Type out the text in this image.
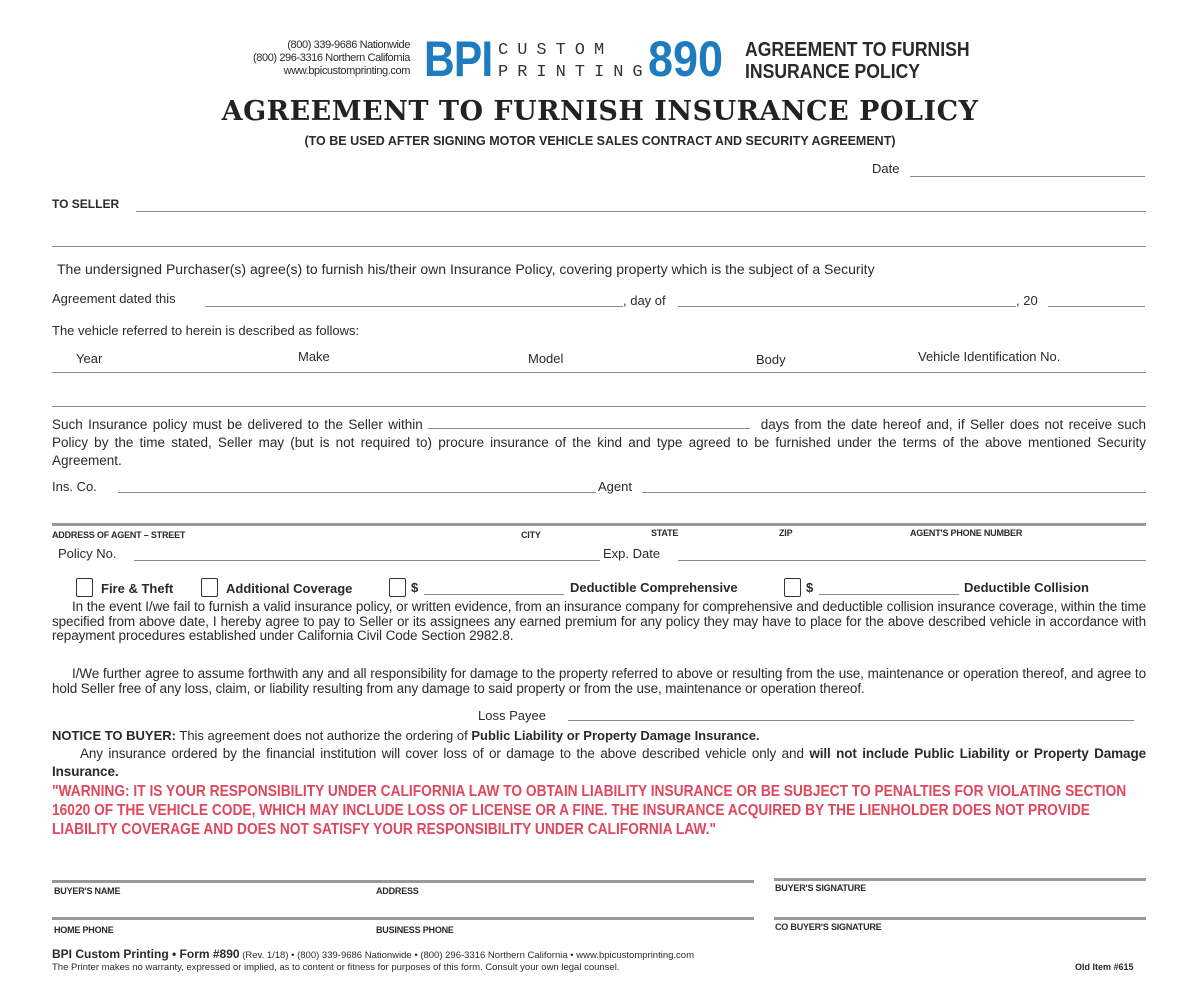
(800) 339-9686 Nationwide
(800) 296-3316 Northern California
www.bpicustomprinting.com BPI CUSTOM
PRINTING
890 AGREEMENT TO FURNISH
INSURANCE POLICY
AGREEMENT TO FURNISH INSURANCE POLICY
(TO BE USED AFTER SIGNING MOTOR VEHICLE SALES CONTRACT AND SECURITY AGREEMENT)
Date
TO SELLER
The undersigned Purchaser(s) agree(s) to furnish his/their own Insurance Policy, covering property which is the subject of a Security
Agreement dated this	, day of	, 20
The vehicle referred to herein is described as follows:
Year	Make	Model	Body	Vehicle Identification No.
Such Insurance policy must be delivered to the Seller within	days from the date hereof and, if Seller does not receive such Policy by the time stated, Seller may (but is not required to) procure insurance of the kind and type agreed to be furnished under the terms of the above mentioned Security Agreement.
Ins. Co.	Agent
ADDRESS OF AGENT – STREET	CITY	STATE	ZIP	AGENT'S PHONE NUMBER
Policy No.	Exp. Date
Fire & Theft	Additional Coverage	$	Deductible Comprehensive	$	Deductible Collision
In the event I/we fail to furnish a valid insurance policy, or written evidence, from an insurance company for comprehensive and deductible collision insurance coverage, within the time specified from above date, I hereby agree to pay to Seller or its assignees any earned premium for any policy they may have to place for the above described vehicle in accordance with repayment procedures established under California Civil Code Section 2982.8.
I/We further agree to assume forthwith any and all responsibility for damage to the property referred to above or resulting from the use, maintenance or operation thereof, and agree to hold Seller free of any loss, claim, or liability resulting from any damage to said property or from the use, maintenance or operation thereof.
Loss Payee
NOTICE TO BUYER: This agreement does not authorize the ordering of Public Liability or Property Damage Insurance.
Any insurance ordered by the financial institution will cover loss of or damage to the above described vehicle only and will not include Public Liability or Property Damage Insurance.
"WARNING: IT IS YOUR RESPONSIBILITY UNDER CALIFORNIA LAW TO OBTAIN LIABILITY INSURANCE OR BE SUBJECT TO PENALTIES FOR VIOLATING SECTION 16020 OF THE VEHICLE CODE, WHICH MAY INCLUDE LOSS OF LICENSE OR A FINE. THE INSURANCE ACQUIRED BY THE LIENHOLDER DOES NOT PROVIDE LIABILITY COVERAGE AND DOES NOT SATISFY YOUR RESPONSIBILITY UNDER CALIFORNIA LAW."
BUYER'S NAME	ADDRESS	BUYER'S SIGNATURE
HOME PHONE	BUSINESS PHONE	CO BUYER'S SIGNATURE
BPI Custom Printing • Form #890 (Rev. 1/18) • (800) 339-9686 Nationwide • (800) 296-3316 Northern California • www.bpicustomprinting.com
The Printer makes no warranty, expressed or implied, as to content or fitness for purposes of this form. Consult your own legal counsel.	Old Item #615
